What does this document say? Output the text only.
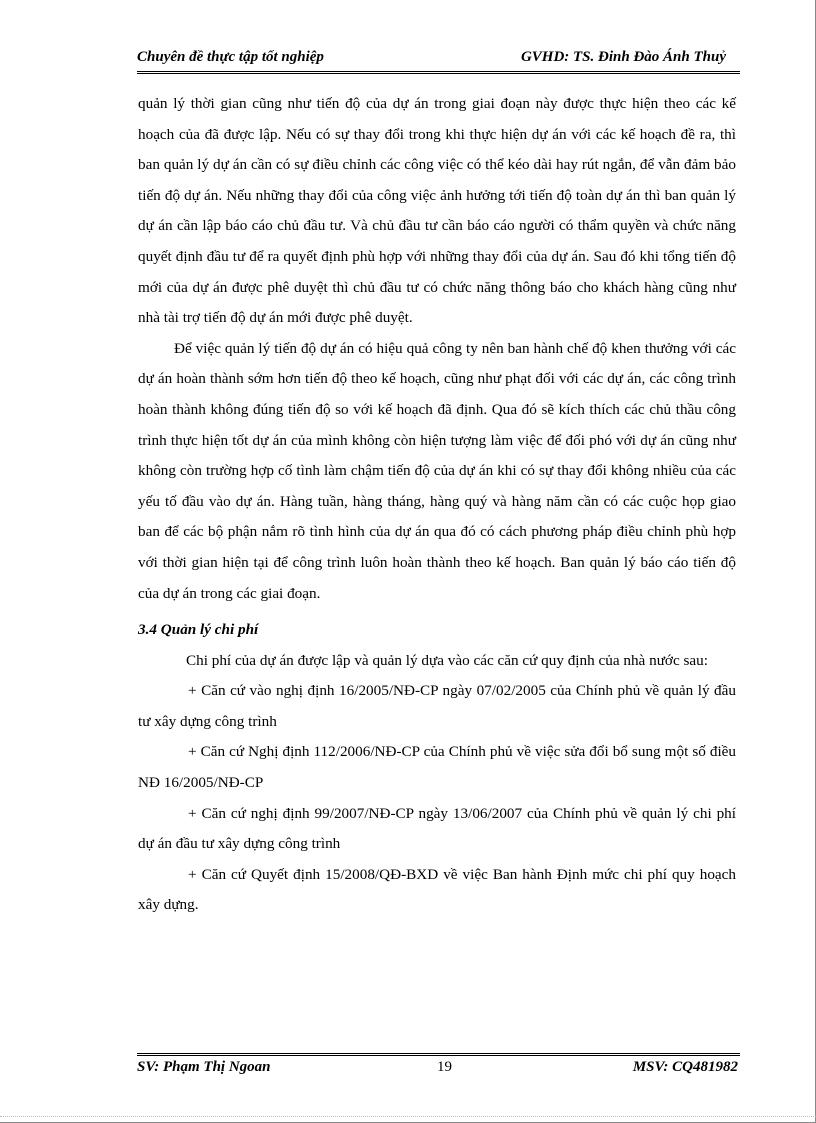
Chuyên đề thực tập tốt nghiệp	GVHD: TS. Đinh Đào Ánh Thuỷ

quản lý thời gian cũng như tiến độ của dự án trong giai đoạn này được thực hiện theo các kế hoạch của đã được lập. Nếu có sự thay đổi trong khi thực hiện dự án với các kế hoạch đề ra, thì ban quản lý dự án cần có sự điều chỉnh các công việc có thể kéo dài hay rút ngắn, để vẫn đảm bảo tiến độ dự án. Nếu những thay đổi của công việc ảnh hưởng tới tiến độ toàn dự án thì ban quản lý dự án cần lập báo cáo chủ đầu tư. Và chủ đầu tư cần báo cáo người có thẩm quyền và chức năng quyết định đầu tư để ra quyết định phù hợp với những thay đổi của dự án. Sau đó khi tổng tiến độ mới của dự án được phê duyệt thì chủ đầu tư có chức năng thông báo cho khách hàng cũng như nhà tài trợ tiến độ dự án mới được phê duyệt.

Để việc quản lý tiến độ dự án có hiệu quả công ty nên ban hành chế độ khen thưởng với các dự án hoàn thành sớm hơn tiến độ theo kế hoạch, cũng như phạt đối với các dự án, các công trình hoàn thành không đúng tiến độ so với kế hoạch đã định. Qua đó sẽ kích thích các chủ thầu công trình thực hiện tốt dự án của mình không còn hiện tượng làm việc để đối phó với dự án cũng như không còn trường hợp cố tình làm chậm tiến độ của dự án khi có sự thay đổi không nhiều của các yếu tố đầu vào dự án. Hàng tuần, hàng tháng, hàng quý và hàng năm cần có các cuộc họp giao ban để các bộ phận nắm rõ tình hình của dự án qua đó có cách phương pháp điều chỉnh phù hợp với thời gian hiện tại để công trình luôn hoàn thành theo kế hoạch. Ban quản lý báo cáo tiến độ của dự án trong các giai đoạn.

3.4 Quản lý chi phí

Chi phí của dự án được lập và quản lý dựa vào các căn cứ quy định của nhà nước sau:

+ Căn cứ vào nghị định 16/2005/NĐ-CP ngày 07/02/2005 của Chính phủ về quản lý đầu tư xây dựng công trình

+ Căn cứ Nghị định 112/2006/NĐ-CP của Chính phủ về việc sửa đổi bổ sung một số điều NĐ 16/2005/NĐ-CP

+ Căn cứ nghị định 99/2007/NĐ-CP ngày 13/06/2007 của Chính phủ về quản lý chi phí dự án đầu tư xây dựng công trình

+ Căn cứ Quyết định 15/2008/QĐ-BXD về việc Ban hành Định mức chi phí quy hoạch xây dựng.

SV: Phạm Thị Ngoan	19	MSV: CQ481982
